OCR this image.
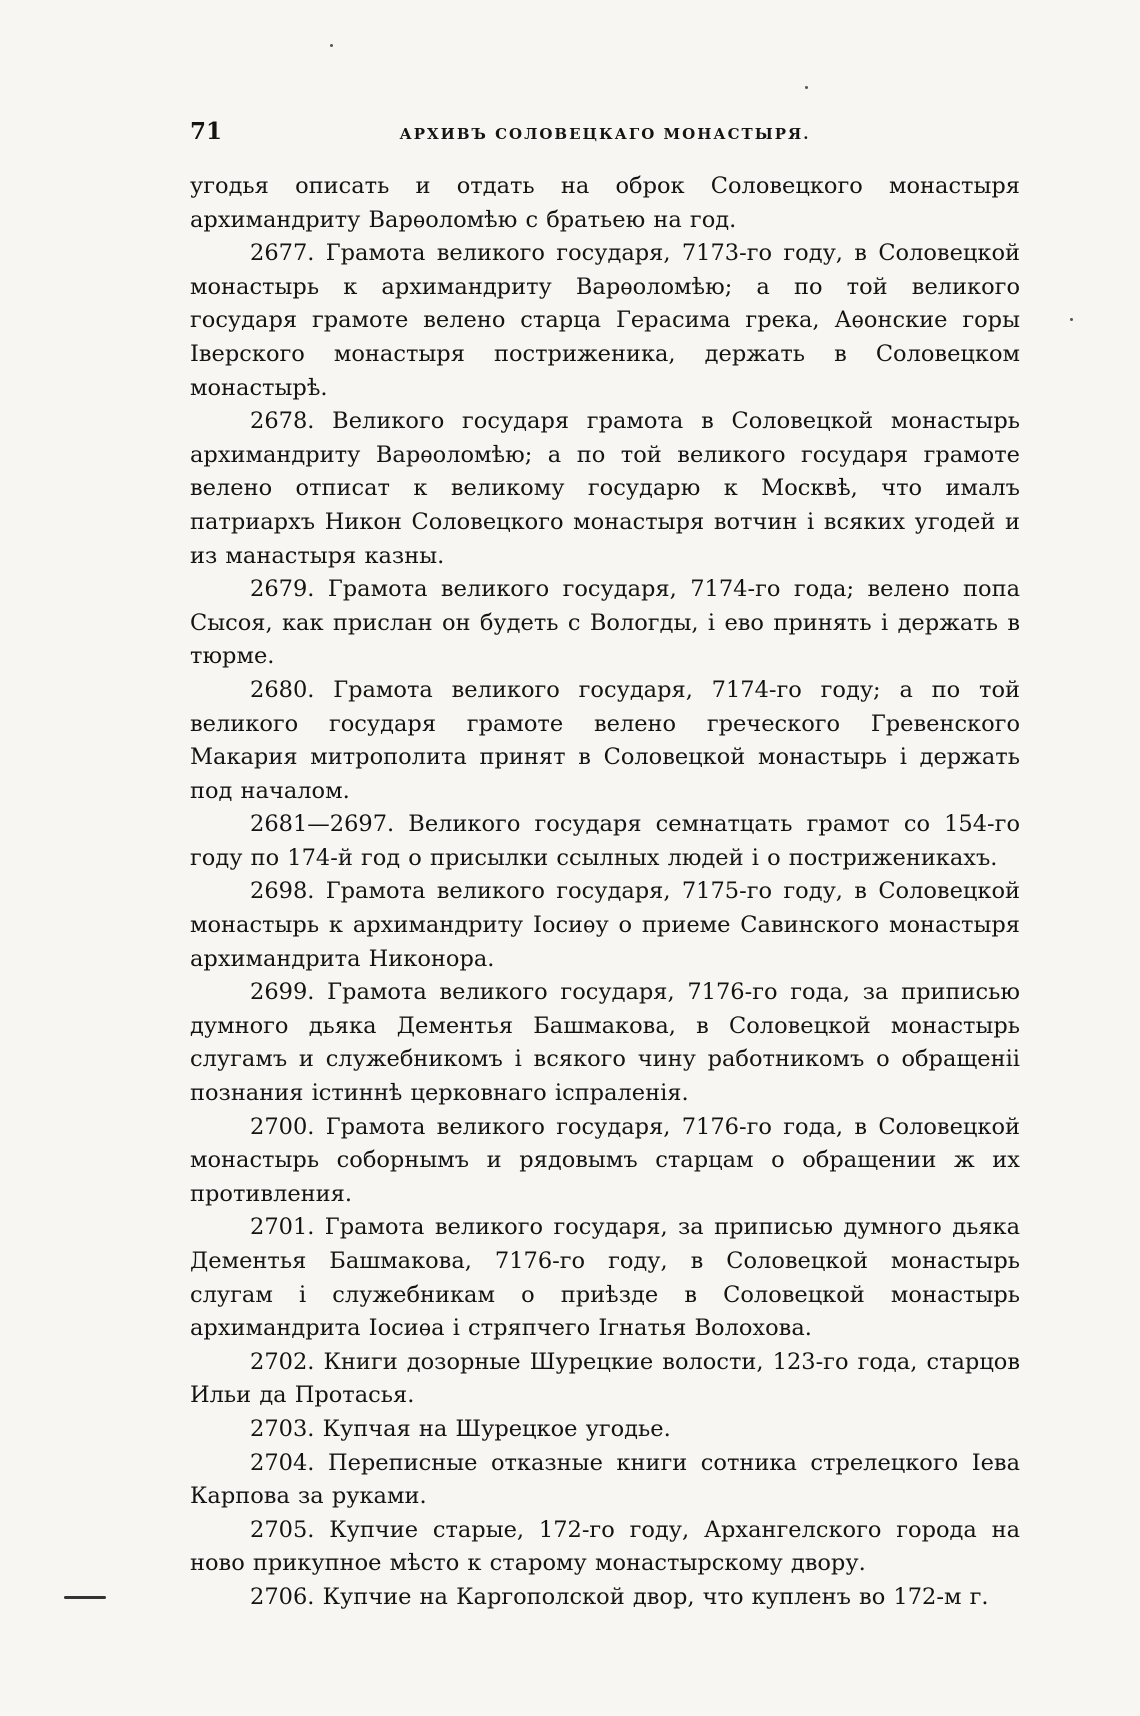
71	АРХИВЪ СОЛОВЕЦКАГО МОНАСТЫРЯ.

угодья описать и отдать на оброк Соловецкого монастыря архимандриту Варѳоломѣю с братьею на год.

2677. Грамота великого государя, 7173-го году, в Соловецкой монастырь к архимандриту Варѳоломѣю; а по той великого государя грамоте велено старца Герасима грека, Аѳонские горы Іверского монастыря постриженика, держать в Соловецком монастырѣ.

2678. Великого государя грамота в Соловецкой монастырь архимандриту Варѳоломѣю; а по той великого государя грамоте велено отписат к великому государю к Москвѣ, что ималъ патриархъ Никон Соловецкого монастыря вотчин і всяких угодей и из манастыря казны.

2679. Грамота великого государя, 7174-го года; велено попа Сысоя, как прислан он будеть с Вологды, і ево принять і держать в тюрме.

2680. Грамота великого государя, 7174-го году; а по той великого государя грамоте велено греческого Гревенского Макария митрополита принят в Соловецкой монастырь і держать под началом.

2681—2697. Великого государя семнатцать грамот со 154-го году по 174-й год о присылки ссылных людей і о постриженикахъ.

2698. Грамота великого государя, 7175-го году, в Соловецкой монастырь к архимандриту Іосиѳу о приеме Савинского монастыря архимандрита Никонора.

2699. Грамота великого государя, 7176-го года, за приписью думного дьяка Дементья Башмакова, в Соловецкой монастырь слугамъ и служебникомъ і всякого чину работникомъ о обращеніі познания істиннѣ церковнаго іспраленія.

2700. Грамота великого государя, 7176-го года, в Соловецкой монастырь соборнымъ и рядовымъ старцам о обращении ж их противления.

2701. Грамота великого государя, за приписью думного дьяка Дементья Башмакова, 7176-го году, в Соловецкой монастырь слугам і служебникам о приѣзде в Соловецкой монастырь архимандрита Іосиѳа і стряпчего Ігнатья Волохова.

2702. Книги дозорные Шурецкие волости, 123-го года, старцов Ильи да Протасья.

2703. Купчая на Шурецкое угодье.

2704. Переписные отказные книги сотника стрелецкого Іева Карпова за руками.

2705. Купчие старые, 172-го году, Архангелского города на ново прикупное мѣсто к старому монастырскому двору.

2706. Купчие на Каргополской двор, что купленъ во 172-м г.
